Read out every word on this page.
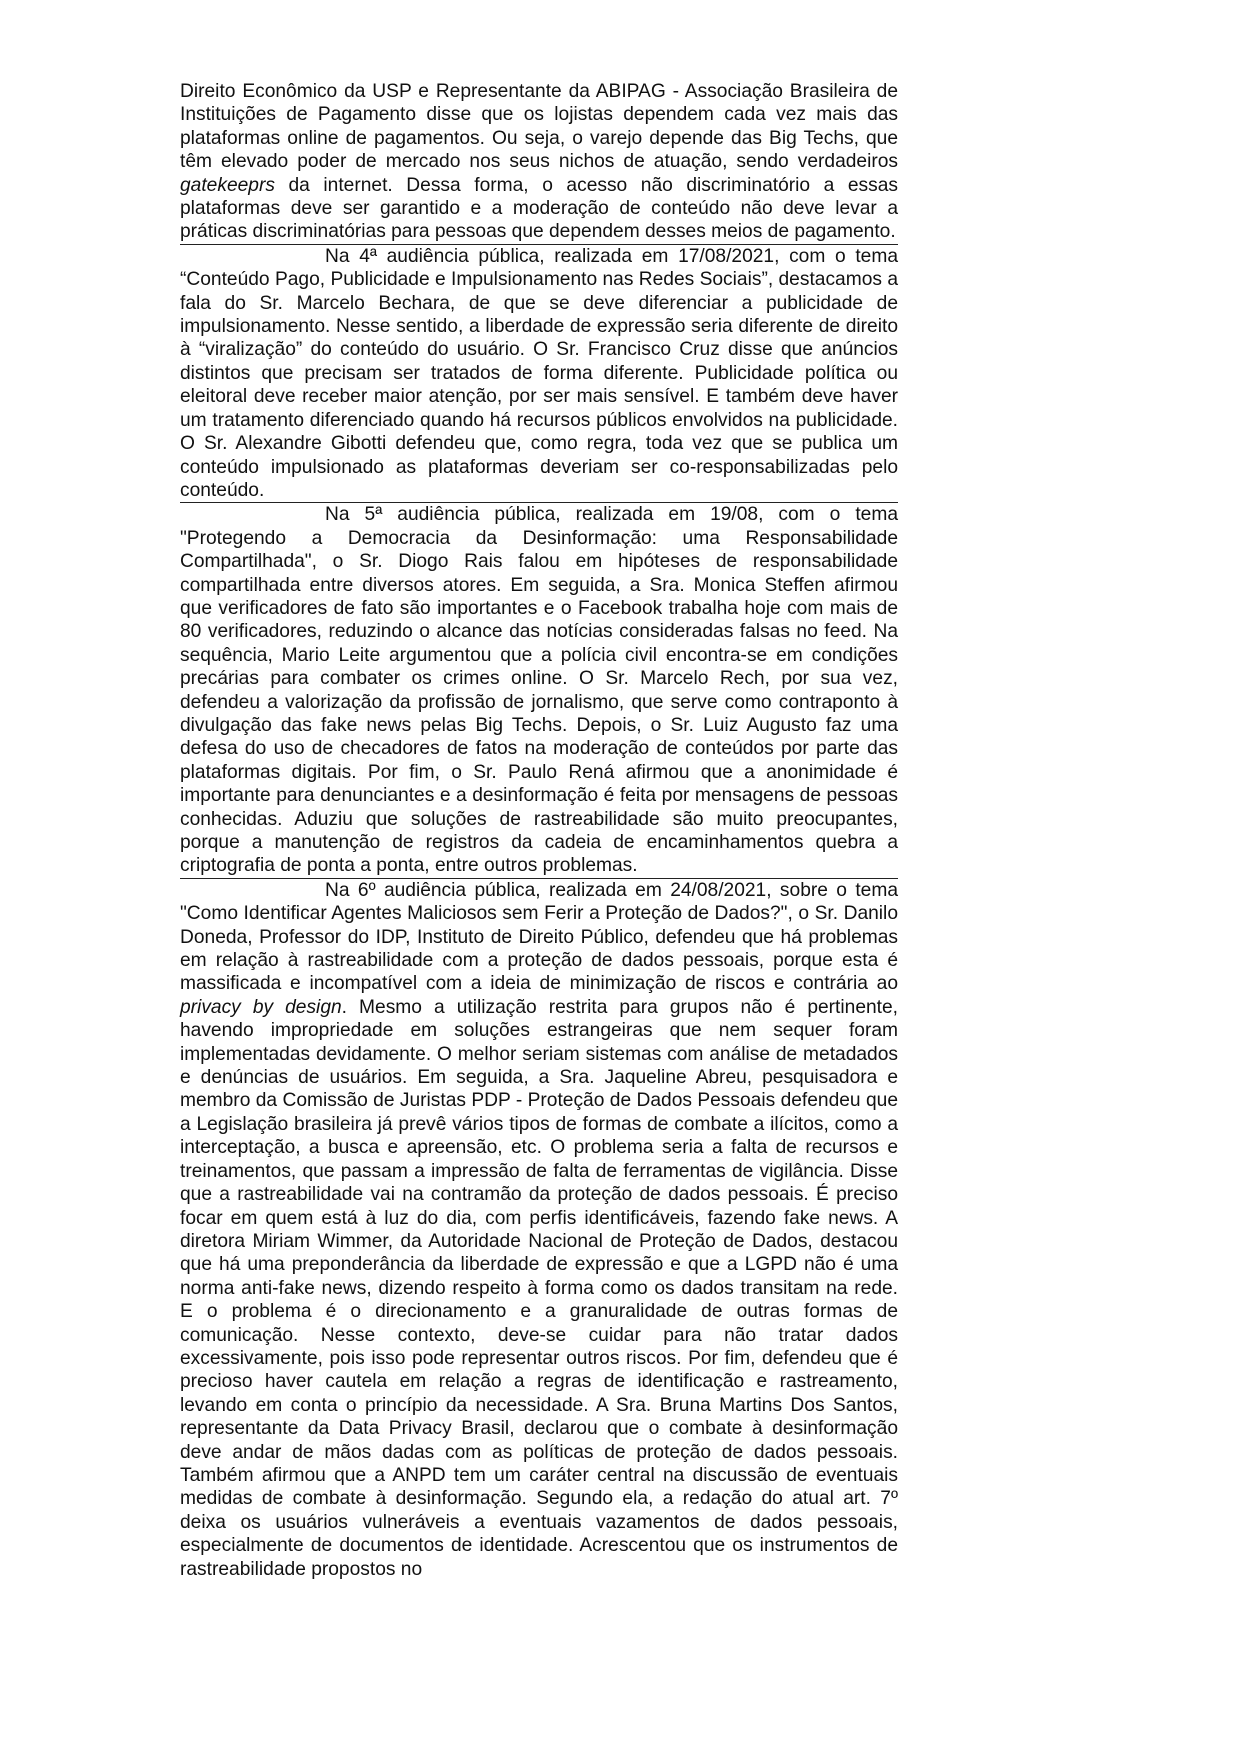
Direito Econômico da USP e Representante da ABIPAG - Associação Brasileira de Instituições de Pagamento disse que os lojistas dependem cada vez mais das plataformas online de pagamentos. Ou seja, o varejo depende das Big Techs, que têm elevado poder de mercado nos seus nichos de atuação, sendo verdadeiros gatekeeprs da internet. Dessa forma, o acesso não discriminatório a essas plataformas deve ser garantido e a moderação de conteúdo não deve levar a práticas discriminatórias para pessoas que dependem desses meios de pagamento.

Na 4ª audiência pública, realizada em 17/08/2021, com o tema “Conteúdo Pago, Publicidade e Impulsionamento nas Redes Sociais”, destacamos a fala do Sr. Marcelo Bechara, de que se deve diferenciar a publicidade de impulsionamento. Nesse sentido, a liberdade de expressão seria diferente de direito à “viralização” do conteúdo do usuário. O Sr. Francisco Cruz disse que anúncios distintos que precisam ser tratados de forma diferente. Publicidade política ou eleitoral deve receber maior atenção, por ser mais sensível. E também deve haver um tratamento diferenciado quando há recursos públicos envolvidos na publicidade. O Sr. Alexandre Gibotti defendeu que, como regra, toda vez que se publica um conteúdo impulsionado as plataformas deveriam ser co-responsabilizadas pelo conteúdo.

Na 5ª audiência pública, realizada em 19/08, com o tema "Protegendo a Democracia da Desinformação: uma Responsabilidade Compartilhada", o Sr. Diogo Rais falou em hipóteses de responsabilidade compartilhada entre diversos atores. Em seguida, a Sra. Monica Steffen afirmou que verificadores de fato são importantes e o Facebook trabalha hoje com mais de 80 verificadores, reduzindo o alcance das notícias consideradas falsas no feed. Na sequência, Mario Leite argumentou que a polícia civil encontra-se em condições precárias para combater os crimes online. O Sr. Marcelo Rech, por sua vez, defendeu a valorização da profissão de jornalismo, que serve como contraponto à divulgação das fake news pelas Big Techs. Depois, o Sr. Luiz Augusto faz uma defesa do uso de checadores de fatos na moderação de conteúdos por parte das plataformas digitais. Por fim, o Sr. Paulo Rená afirmou que a anonimidade é importante para denunciantes e a desinformação é feita por mensagens de pessoas conhecidas. Aduziu que soluções de rastreabilidade são muito preocupantes, porque a manutenção de registros da cadeia de encaminhamentos quebra a criptografia de ponta a ponta, entre outros problemas.

Na 6º audiência pública, realizada em 24/08/2021, sobre o tema "Como Identificar Agentes Maliciosos sem Ferir a Proteção de Dados?", o Sr. Danilo Doneda, Professor do IDP, Instituto de Direito Público, defendeu que há problemas em relação à rastreabilidade com a proteção de dados pessoais, porque esta é massificada e incompatível com a ideia de minimização de riscos e contrária ao privacy by design. Mesmo a utilização restrita para grupos não é pertinente, havendo impropriedade em soluções estrangeiras que nem sequer foram implementadas devidamente. O melhor seriam sistemas com análise de metadados e denúncias de usuários. Em seguida, a Sra. Jaqueline Abreu, pesquisadora e membro da Comissão de Juristas PDP - Proteção de Dados Pessoais defendeu que a Legislação brasileira já prevê vários tipos de formas de combate a ilícitos, como a interceptação, a busca e apreensão, etc. O problema seria a falta de recursos e treinamentos, que passam a impressão de falta de ferramentas de vigilância. Disse que a rastreabilidade vai na contramão da proteção de dados pessoais. É preciso focar em quem está à luz do dia, com perfis identificáveis, fazendo fake news. A diretora Miriam Wimmer, da Autoridade Nacional de Proteção de Dados, destacou que há uma preponderância da liberdade de expressão e que a LGPD não é uma norma anti-fake news, dizendo respeito à forma como os dados transitam na rede. E o problema é o direcionamento e a granuralidade de outras formas de comunicação. Nesse contexto, deve-se cuidar para não tratar dados excessivamente, pois isso pode representar outros riscos. Por fim, defendeu que é precioso haver cautela em relação a regras de identificação e rastreamento, levando em conta o princípio da necessidade. A Sra. Bruna Martins Dos Santos, representante da Data Privacy Brasil, declarou que o combate à desinformação deve andar de mãos dadas com as políticas de proteção de dados pessoais. Também afirmou que a ANPD tem um caráter central na discussão de eventuais medidas de combate à desinformação. Segundo ela, a redação do atual art. 7º deixa os usuários vulneráveis a eventuais vazamentos de dados pessoais, especialmente de documentos de identidade. Acrescentou que os instrumentos de rastreabilidade propostos no
